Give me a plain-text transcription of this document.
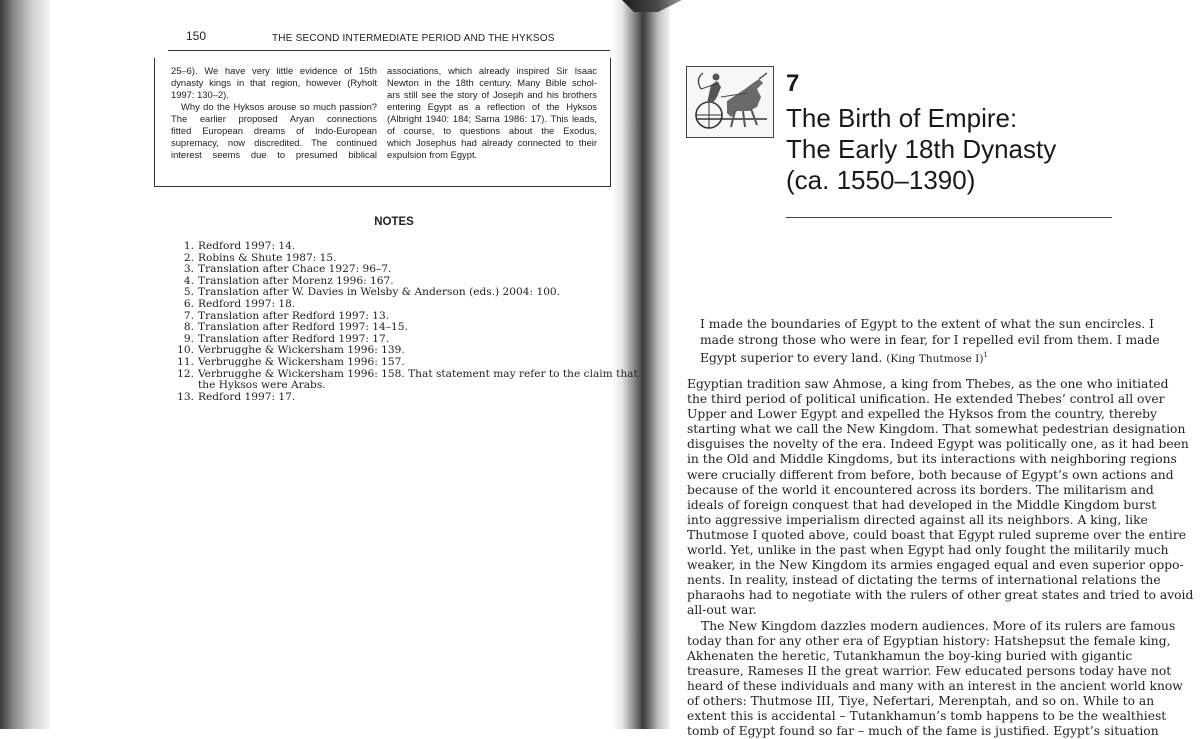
150	THE SECOND INTERMEDIATE PERIOD AND THE HYKSOS
25–6). We have very little evidence of 15th
dynasty kings in that region, however (Ryholt
1997: 130–2).
Why do the Hyksos arouse so much passion?
The earlier proposed Aryan connections
fitted European dreams of Indo-European
supremacy, now discredited. The continued
interest seems due to presumed biblical
associations, which already inspired Sir Isaac
Newton in the 18th century. Many Bible schol-
ars still see the story of Joseph and his brothers
entering Egypt as a reflection of the Hyksos
(Albright 1940: 184; Sarna 1986: 17). This leads,
of course, to questions about the Exodus,
which Josephus had already connected to their
expulsion from Egypt.
NOTES
1. Redford 1997: 14.
2. Robins & Shute 1987: 15.
3. Translation after Chace 1927: 96–7.
4. Translation after Morenz 1996: 167.
5. Translation after W. Davies in Welsby & Anderson (eds.) 2004: 100.
6. Redford 1997: 18.
7. Translation after Redford 1997: 13.
8. Translation after Redford 1997: 14–15.
9. Translation after Redford 1997: 17.
10. Verbrugghe & Wickersham 1996: 139.
11. Verbrugghe & Wickersham 1996: 157.
12. Verbrugghe & Wickersham 1996: 158. That statement may refer to the claim that
the Hyksos were Arabs.
13. Redford 1997: 17.
7
The Birth of Empire:
The Early 18th Dynasty
(ca. 1550–1390)
I made the boundaries of Egypt to the extent of what the sun encircles. I
made strong those who were in fear, for I repelled evil from them. I made
Egypt superior to every land. (King Thutmose I)$^1$
Egyptian tradition saw Ahmose, a king from Thebes, as the one who initiated
the third period of political unification. He extended Thebes’ control all over
Upper and Lower Egypt and expelled the Hyksos from the country, thereby
starting what we call the New Kingdom. That somewhat pedestrian designation
disguises the novelty of the era. Indeed Egypt was politically one, as it had been
in the Old and Middle Kingdoms, but its interactions with neighboring regions
were crucially different from before, both because of Egypt’s own actions and
because of the world it encountered across its borders. The militarism and
ideals of foreign conquest that had developed in the Middle Kingdom burst
into aggressive imperialism directed against all its neighbors. A king, like
Thutmose I quoted above, could boast that Egypt ruled supreme over the entire
world. Yet, unlike in the past when Egypt had only fought the militarily much
weaker, in the New Kingdom its armies engaged equal and even superior oppo-
nents. In reality, instead of dictating the terms of international relations the
pharaohs had to negotiate with the rulers of other great states and tried to avoid
all-out war.
The New Kingdom dazzles modern audiences. More of its rulers are famous
today than for any other era of Egyptian history: Hatshepsut the female king,
Akhenaten the heretic, Tutankhamun the boy-king buried with gigantic
treasure, Rameses II the great warrior. Few educated persons today have not
heard of these individuals and many with an interest in the ancient world know
of others: Thutmose III, Tiye, Nefertari, Merenptah, and so on. While to an
extent this is accidental – Tutankhamun’s tomb happens to be the wealthiest
tomb of Egypt found so far – much of the fame is justified. Egypt’s situation
